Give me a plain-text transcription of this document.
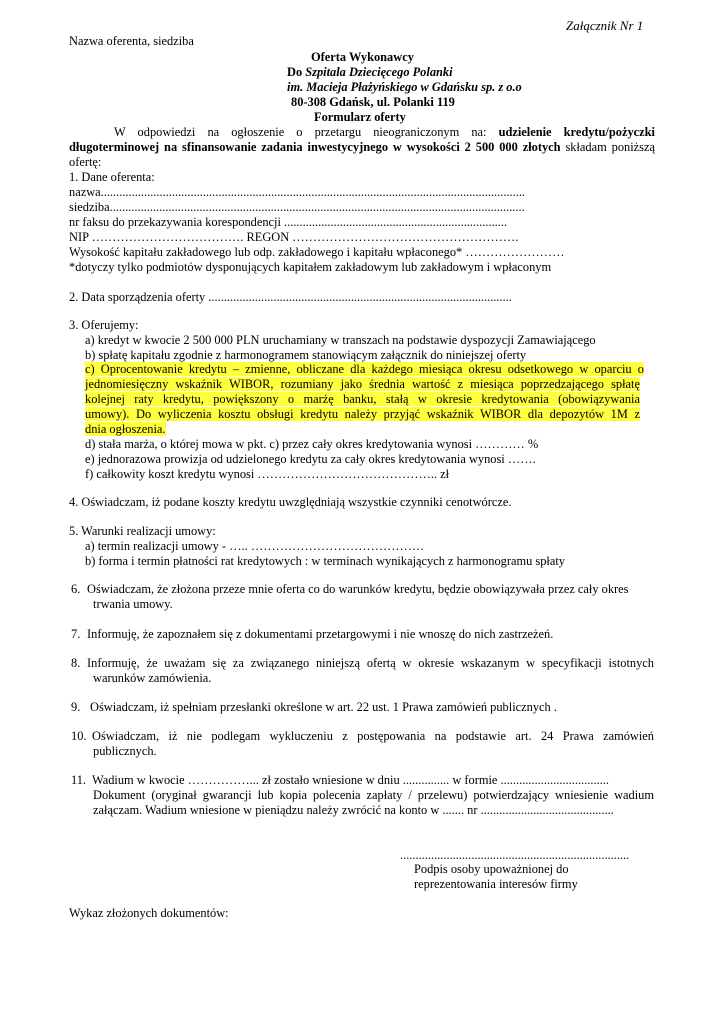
Załącznik Nr 1
Nazwa oferenta, siedziba
Oferta Wykonawcy
Do Szpitala Dziecięcego Polanki
im. Macieja Płażyńskiego w Gdańsku sp. z o.o
80-308 Gdańsk, ul. Polanki 119
Formularz oferty
W odpowiedzi na ogłoszenie o przetargu nieograniczonym na: udzielenie kredytu/pożyczki
długoterminowej na sfinansowanie zadania inwestycyjnego w wysokości 2 500 000 złotych składam poniższą
ofertę:
1. Dane oferenta:
nazwa.........................................................................................................................................
siedziba......................................................................................................................................
nr faksu do przekazywania korespondencji ........................................................................
NIP ………………………………. REGON ……………………………………………….
Wysokość kapitału zakładowego lub odp. zakładowego i kapitału wpłaconego* ……………………
*dotyczy tylko podmiotów dysponujących kapitałem zakładowym lub zakładowym i wpłaconym
2. Data sporządzenia oferty ..................................................................................................
3. Oferujemy:
a) kredyt w kwocie 2 500 000 PLN uruchamiany w transzach na podstawie dyspozycji Zamawiającego
b) spłatę kapitału zgodnie z harmonogramem stanowiącym załącznik do niniejszej oferty
c) Oprocentowanie kredytu – zmienne, obliczane dla każdego miesiąca okresu odsetkowego w oparciu o
jednomiesięczny wskaźnik WIBOR, rozumiany jako średnia wartość z miesiąca poprzedzającego spłatę
kolejnej raty kredytu, powiększony o marżę banku, stałą w okresie kredytowania (obowiązywania
umowy). Do wyliczenia kosztu obsługi kredytu należy przyjąć wskaźnik WIBOR dla depozytów 1M z
dnia ogłoszenia.
d) stała marża, o której mowa w pkt. c) przez cały okres kredytowania wynosi ………… %
e) jednorazowa prowizja od udzielonego kredytu za cały okres kredytowania wynosi …….
f) całkowity koszt kredytu wynosi …………………………………….. zł
4. Oświadczam, iż podane koszty kredytu uwzględniają wszystkie czynniki cenotwórcze.
5. Warunki realizacji umowy:
a) termin realizacji umowy - ….. ……………………………………
b) forma i termin płatności rat kredytowych : w terminach wynikających z harmonogramu spłaty
6. Oświadczam, że złożona przeze mnie oferta co do warunków kredytu, będzie obowiązywała przez cały okres
trwania umowy.
7. Informuję, że zapoznałem się z dokumentami przetargowymi i nie wnoszę do nich zastrzeżeń.
8. Informuję, że uważam się za związanego niniejszą ofertą w okresie wskazanym w specyfikacji istotnych
warunków zamówienia.
9. Oświadczam, iż spełniam przesłanki określone w art. 22 ust. 1 Prawa zamówień publicznych .
10. Oświadczam, iż nie podlegam wykluczeniu z postępowania na podstawie art. 24 Prawa zamówień
publicznych.
11. Wadium w kwocie ……………... zł zostało wniesione w dniu ............... w formie ...................................
Dokument (oryginał gwarancji lub kopia polecenia zapłaty / przelewu) potwierdzający wniesienie wadium
załączam. Wadium wniesione w pieniądzu należy zwrócić na konto w ....... nr ...........................................
..........................................................................
Podpis osoby upoważnionej do
reprezentowania interesów firmy
Wykaz złożonych dokumentów:
